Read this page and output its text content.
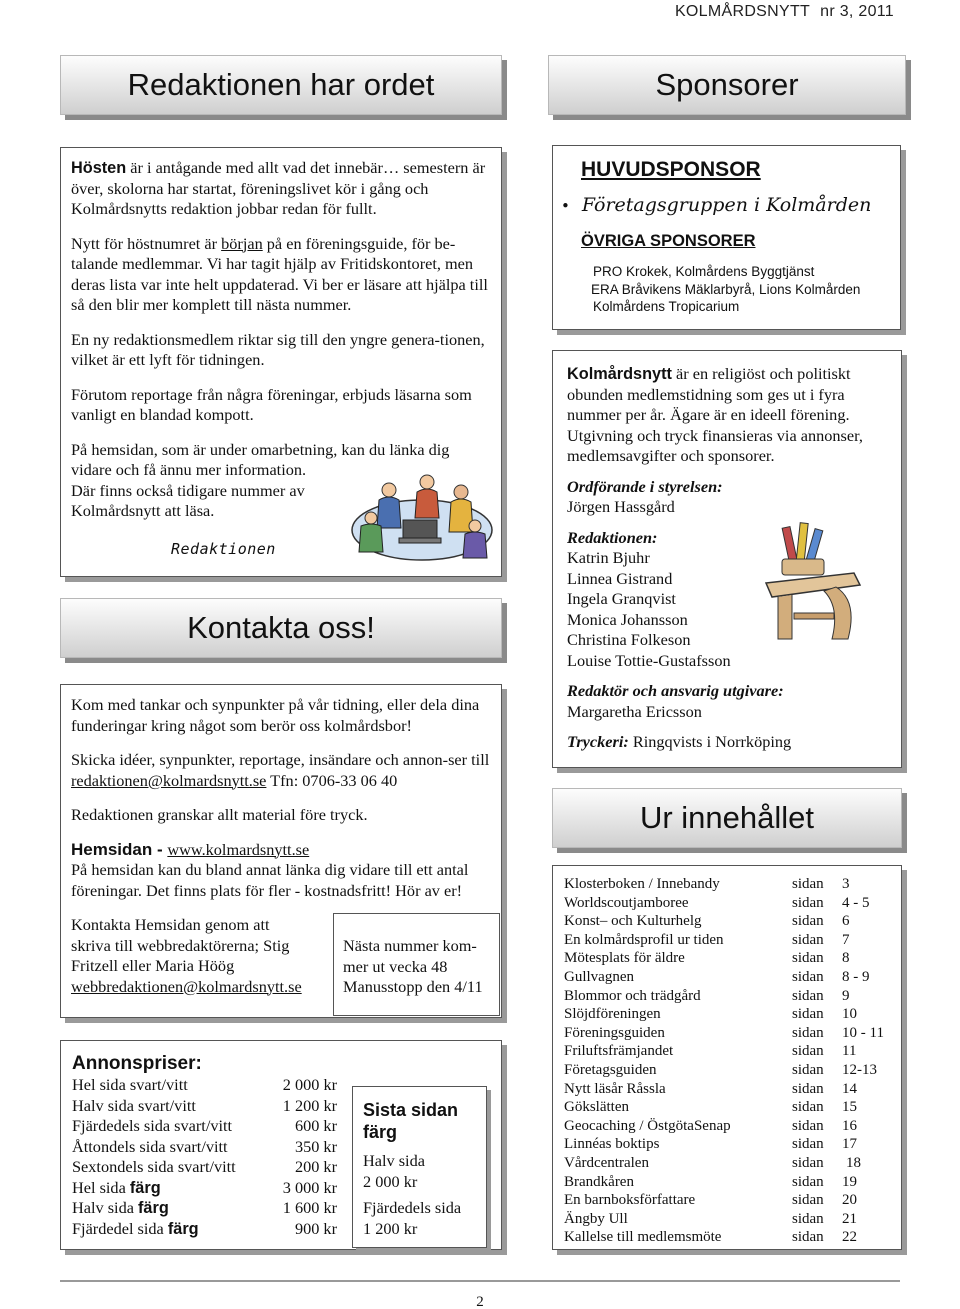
KOLMÅRDSNYTT nr 3, 2011
Redaktionen har ordet	Sponsorer

Hösten är i antågande med allt vad det innebär… semestern är över, skolorna har startat, föreningslivet kör i gång och Kolmårdsnytts redaktion jobbar redan för fullt.

Nytt för höstnumret är början på en föreningsguide, för be-talande medlemmar. Vi har tagit hjälp av Fritidskontoret, men deras lista var inte helt uppdaterad. Vi ber er läsare att hjälpa till så den blir mer komplett till nästa nummer.

En ny redaktionsmedlem riktar sig till den yngre genera-tionen, vilket är ett lyft för tidningen.

Förutom reportage från några föreningar, erbjuds läsarna som vanligt en blandad kompott.

På hemsidan, som är under omarbetning, kan du länka dig vidare och få ännu mer information.

Där finns också tidigare nummer av Kolmårdsnytt att läsa.

Redaktionen
HUVUDSPONSOR
• Företagsgruppen i Kolmården
ÖVRIGA SPONSORER
PRO Krokek, Kolmårdens Byggtjänst
ERA Bråvikens Mäklarbyrå, Lions Kolmården
Kolmårdens Tropicarium

Kolmårdsnytt är en religiöst och politiskt obunden medlemstidning som ges ut i fyra nummer per år. Ägare är en ideell förening. Utgivning och tryck finansieras via annonser, medlemsavgifter och sponsorer.

Ordförande i styrelsen:

Jörgen Hassgård

Redaktionen:

Katrin Bjuhr

Linnea Gistrand

Ingela Granqvist

Monica Johansson

Christina Folkeson

Louise Tottie-Gustafsson

Redaktör och ansvarig utgivare:

Margaretha Ericsson

Tryckeri: Ringqvists i Norrköping

Kontakta oss!
Ur innehållet

Kom med tankar och synpunkter på vår tidning, eller dela dina funderingar kring något som berör oss kolmårdsbor!

Skicka idéer, synpunkter, reportage, insändare och annon-ser till redaktionen@kolmardsnytt.se Tfn: 0706-33 06 40

Redaktionen granskar allt material före tryck.

Hemsidan - www.kolmardsnytt.se

På hemsidan kan du bland annat länka dig vidare till ett antal föreningar. Det finns plats för fler - kostnadsfritt! Hör av er!

Kontakta Hemsidan genom att skriva till webbredaktörerna; Stig Fritzell eller Maria Höög

webbredaktionen@kolmardsnytt.se

Nästa nummer kom-mer ut vecka 48

Manusstopp den 4/11

Klosterboken / Innebandy	sidan	3
Worldscoutjamboree	sidan	4 - 5
Konst– och Kulturhelg	sidan	6
En kolmårdsprofil ur tiden	sidan	7
Mötesplats för äldre	sidan	8
Gullvagnen	sidan	8 - 9
Blommor och trädgård	sidan	9
Slöjdföreningen	sidan	10
Föreningsguiden	sidan	10 - 11
Friluftsfrämjandet	sidan	11
Företagsguiden	sidan	12-13
Nytt läsår Råssla	sidan	14
Gökslätten	sidan	15
Geocaching / ÖstgötaSenap	sidan	16
Linnéas boktips	sidan	17
Vårdcentralen	sidan	18
Brandkåren	sidan	19
En barnboksförfattare	sidan	20
Ängby Ull	sidan	21
Kallelse till medlemsmöte	sidan	22
Annonspriser:
Hel sida svart/vitt	2 000 kr
Halv sida svart/vitt	1 200 kr
Fjärdedels sida svart/vitt	600 kr
Åttondels sida svart/vitt	350 kr
Sextondels sida svart/vitt	200 kr
Hel sida färg	3 000 kr
Halv sida färg	1 600 kr
Fjärdedel sida färg	900 kr
Sista sidan färg

Halv sida

2 000 kr

Fjärdedels sida

1 200 kr

2
